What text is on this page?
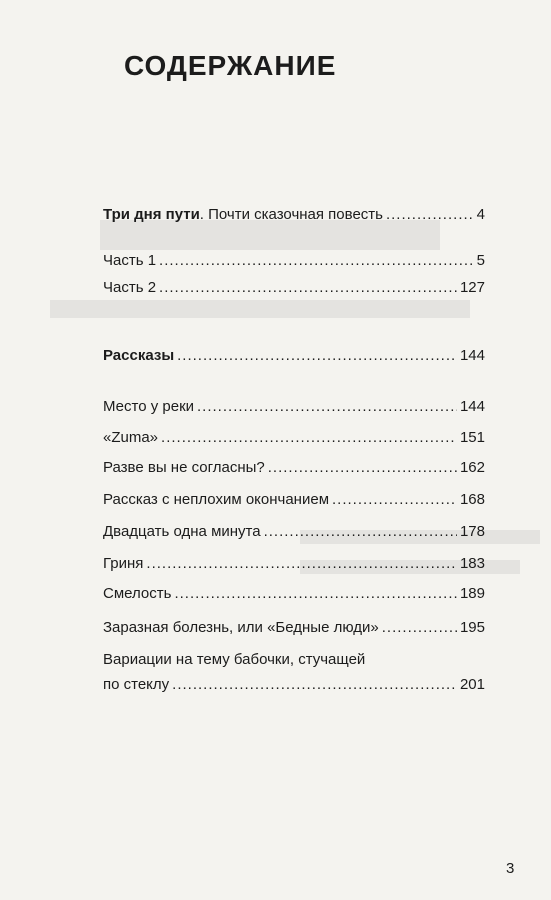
СОДЕРЖАНИЕ
Три дня пути. Почти сказочная повесть .....	4
Часть 1 .....	5
Часть 2 .....	127
Рассказы .....	144
Место у реки .....	144
«Zuma» .....	151
Разве вы не согласны? .....	162
Рассказ с неплохим окончанием .....	168
Двадцать одна минута .....	178
Гриня .....	183
Смелость .....	189
Заразная болезнь, или «Бедные люди» .....	195
Вариации на тему бабочки, стучащей
по стеклу .....	201
3
